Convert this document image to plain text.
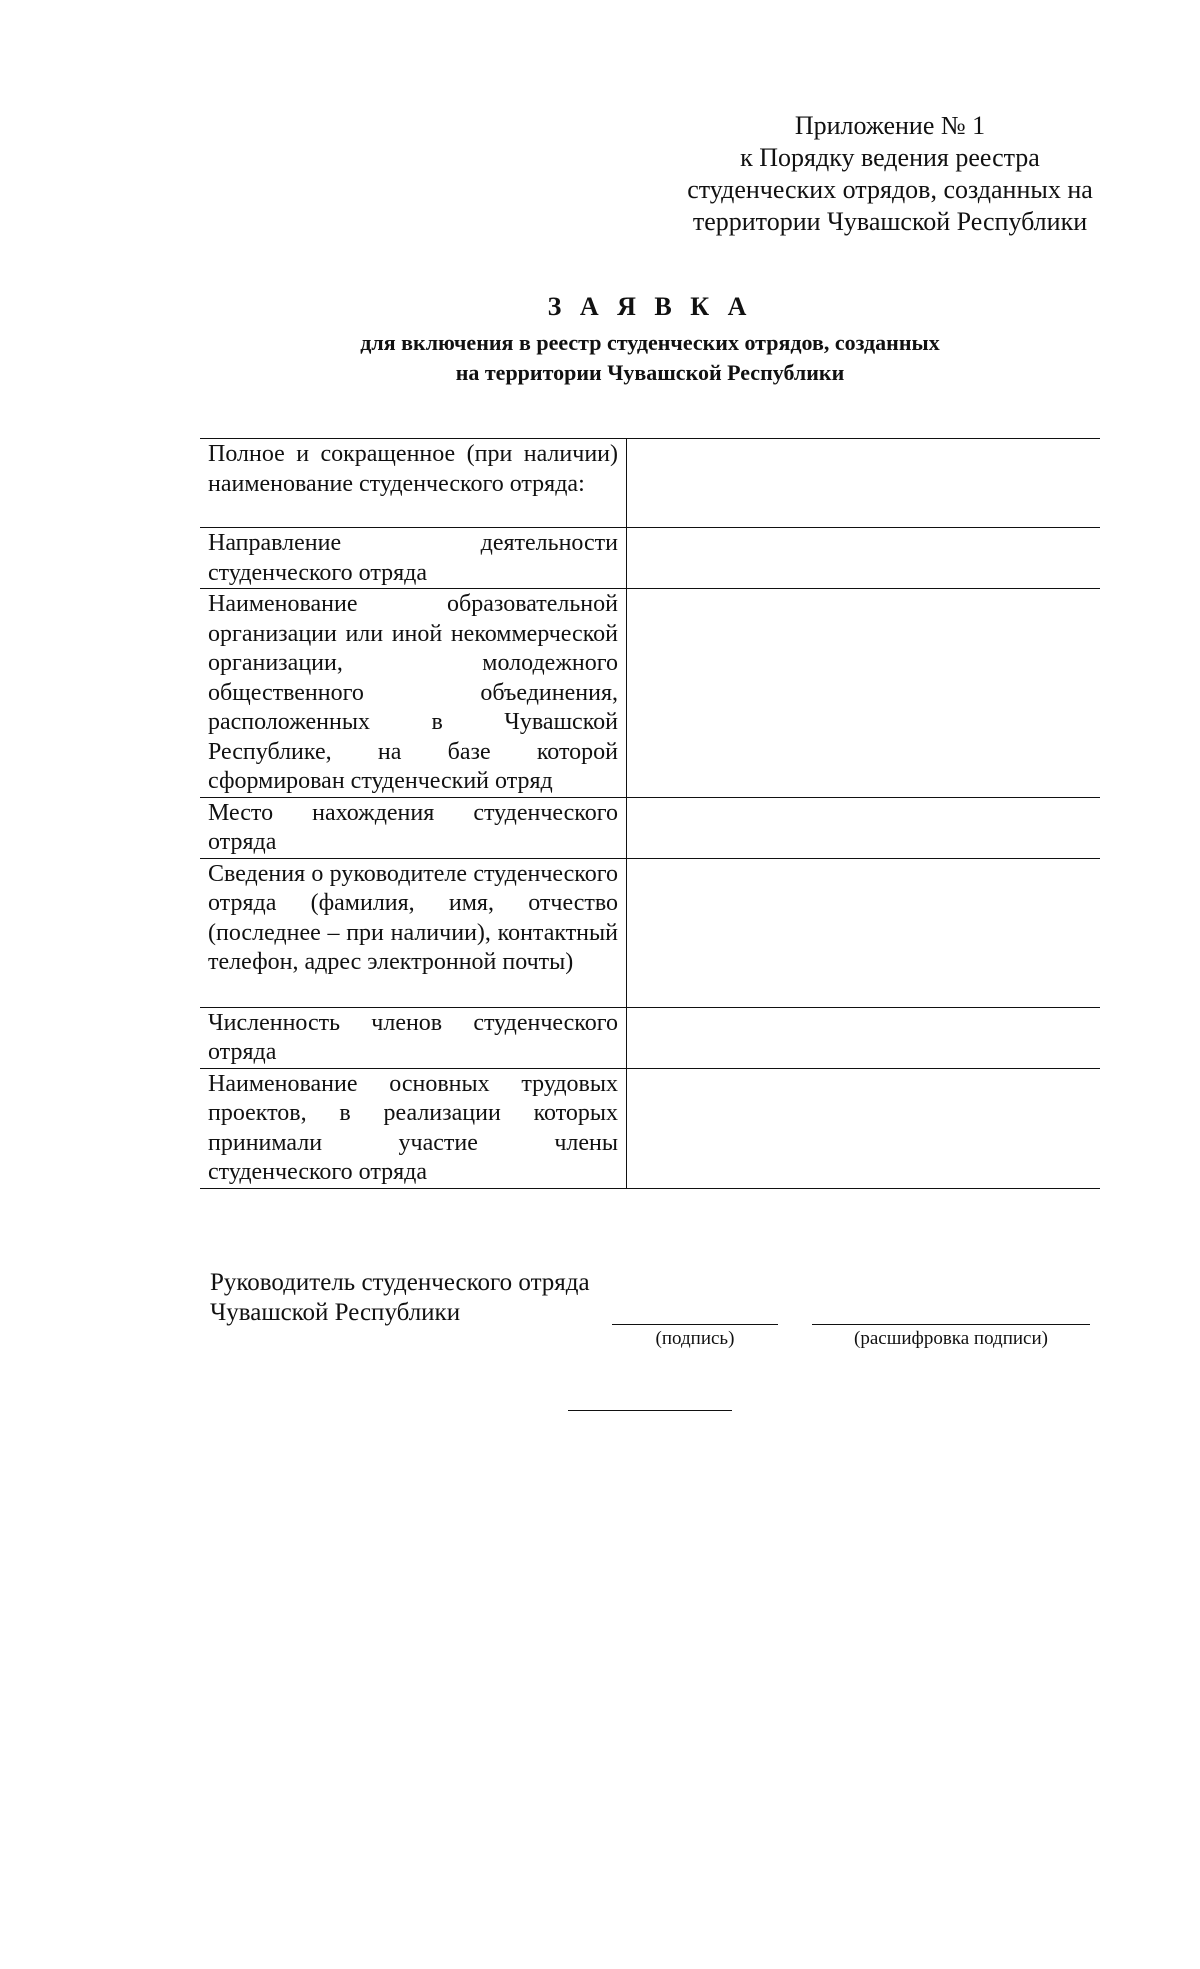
Приложение № 1
к Порядку ведения реестра
студенческих отрядов, созданных на
территории Чувашской Республики
З А Я В К А
для включения в реестр студенческих отрядов, созданных
на территории Чувашской Республики
Полное и сокращенное (при наличии) наименование студенческого отряда:	
Направление деятельности студенческого отряда	
Наименование образовательной организации или иной некоммерческой организации, молодежного общественного объединения, расположенных в Чувашской Республике, на базе которой сформирован студенческий отряд	
Место нахождения студенческого отряда	
Сведения о руководителе студенческого отряда (фамилия, имя, отчество (последнее – при наличии), контактный телефон, адрес электронной почты)	
Численность членов студенческого отряда	
Наименование основных трудовых проектов, в реализации которых принимали участие члены студенческого отряда	
Руководитель студенческого отряда
Чувашской Республики
(подпись)	(расшифровка подписи)
